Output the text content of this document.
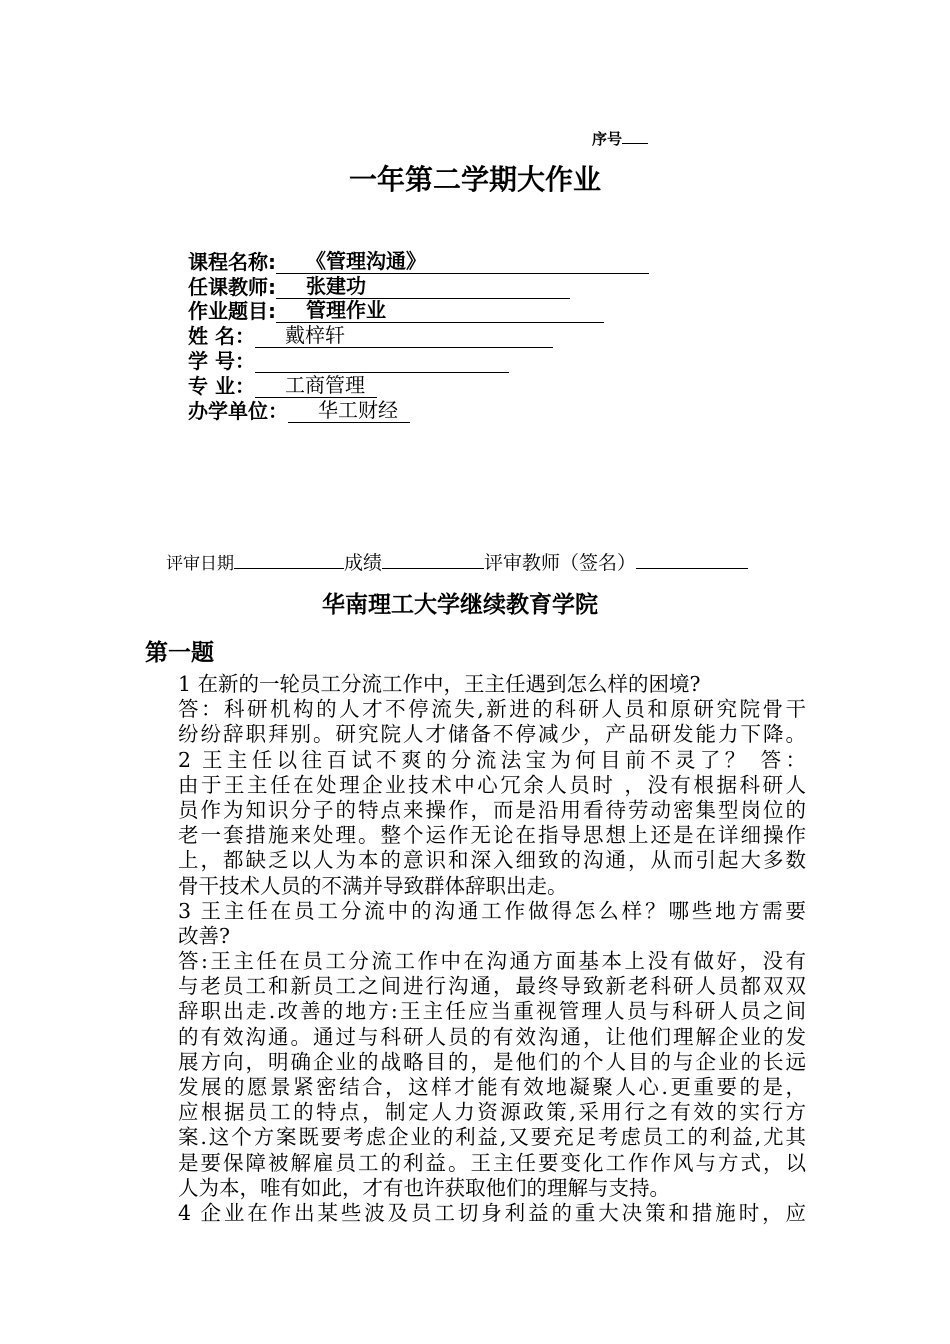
序号
一年第二学期大作业
课程名称: 《管理沟通》
任课教师: 张建功
作业题目: 管理作业
姓 名： 戴梓轩
学 号：
专 业： 工商管理
办学单位： 华工财经
评审日期	成绩	评审教师（签名）
华南理工大学继续教育学院
第一题
1 在新的一轮员工分流工作中，王主任遇到怎么样的困境?
答：科研机构的人才不停流失,新进的科研人员和原研究院骨干
纷纷辞职拜别。研究院人才储备不停减少，产品研发能力下降。
2 王主任以往百试不爽的分流法宝为何目前不灵了？ 答：
由于王主任在处理企业技术中心冗余人员时 ，没有根据科研人
员作为知识分子的特点来操作，而是沿用看待劳动密集型岗位的
老一套措施来处理。整个运作无论在指导思想上还是在详细操作
上，都缺乏以人为本的意识和深入细致的沟通，从而引起大多数
骨干技术人员的不满并导致群体辞职出走。
3 王主任在员工分流中的沟通工作做得怎么样？哪些地方需要
改善?
答:王主任在员工分流工作中在沟通方面基本上没有做好，没有
与老员工和新员工之间进行沟通，最终导致新老科研人员都双双
辞职出走.改善的地方:王主任应当重视管理人员与科研人员之间
的有效沟通。通过与科研人员的有效沟通，让他们理解企业的发
展方向，明确企业的战略目的，是他们的个人目的与企业的长远
发展的愿景紧密结合，这样才能有效地凝聚人心.更重要的是，
应根据员工的特点，制定人力资源政策,采用行之有效的实行方
案.这个方案既要考虑企业的利益,又要充足考虑员工的利益,尤其
是要保障被解雇员工的利益。王主任要变化工作作风与方式，以
人为本，唯有如此，才有也许获取他们的理解与支持。
4 企业在作出某些波及员工切身利益的重大决策和措施时，应
